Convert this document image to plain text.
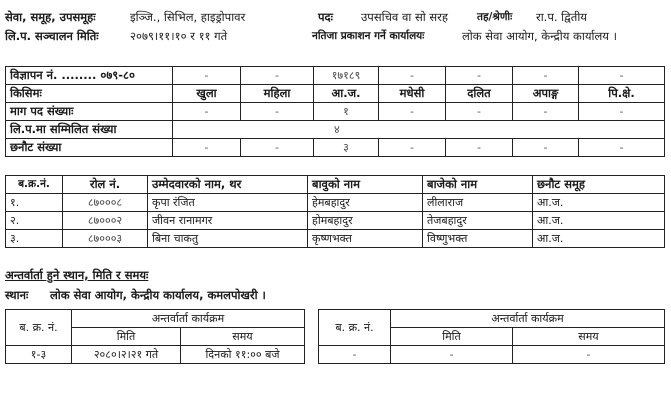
सेवा, समूह, उपसमूहः	इञ्जि., सिभिल, हाइड्रोपावर	पदः उपसचिव वा सो सरह	तह/श्रेणीः रा.प. द्वितीय
लि.प. सञ्चालन मितिः	२०७९।११।१० र ११ गते	नतिजा प्रकाशन गर्ने कार्यालयः	लोक सेवा आयोग, केन्द्रीय कार्यालय ।
विज्ञापन नं. ........ ०७९-८०	-	-	१७१८९	-	-	-	-
किसिमः	खुला	महिला	आ.ज.	मधेसी	दलित	अपाङ्ग	पि.क्षे.
माग पद संख्याः	-	-	१	-	-	-	-
लि.प.मा सम्मिलित संख्या	४						
छनौट संख्या	-	-	३	-	-	-	-
ब.क्र.नं.	रोल नं.	उम्मेदवारको नाम, थर	बावुको नाम	बाजेको नाम	छनौट समूह
१.	८७०००८	कृपा रंजित	हेमबहादुर	लीलाराज	आ.ज.
२.	८७०००२	जीवन रानामगर	होमबहादुर	तेजबहादुर	आ.ज.
३.	८७०००३	बिना चाकतु	कृष्णभक्त	विष्णुभक्त	आ.ज.
अन्तर्वार्ता हुने स्थान, मिति र समयः
स्थानः लोक सेवा आयोग, केन्द्रीय कार्यालय, कमलपोखरी ।
ब. क्र. नं.	अन्तर्वार्ता कार्यक्रम	
	मिति	समय
१-३	२०८०।२।२१ गते	दिनको ११:०० बजे
ब. क्र. नं.	अन्तर्वार्ता कार्यक्रम	
	मिति	समय
-	-	-
